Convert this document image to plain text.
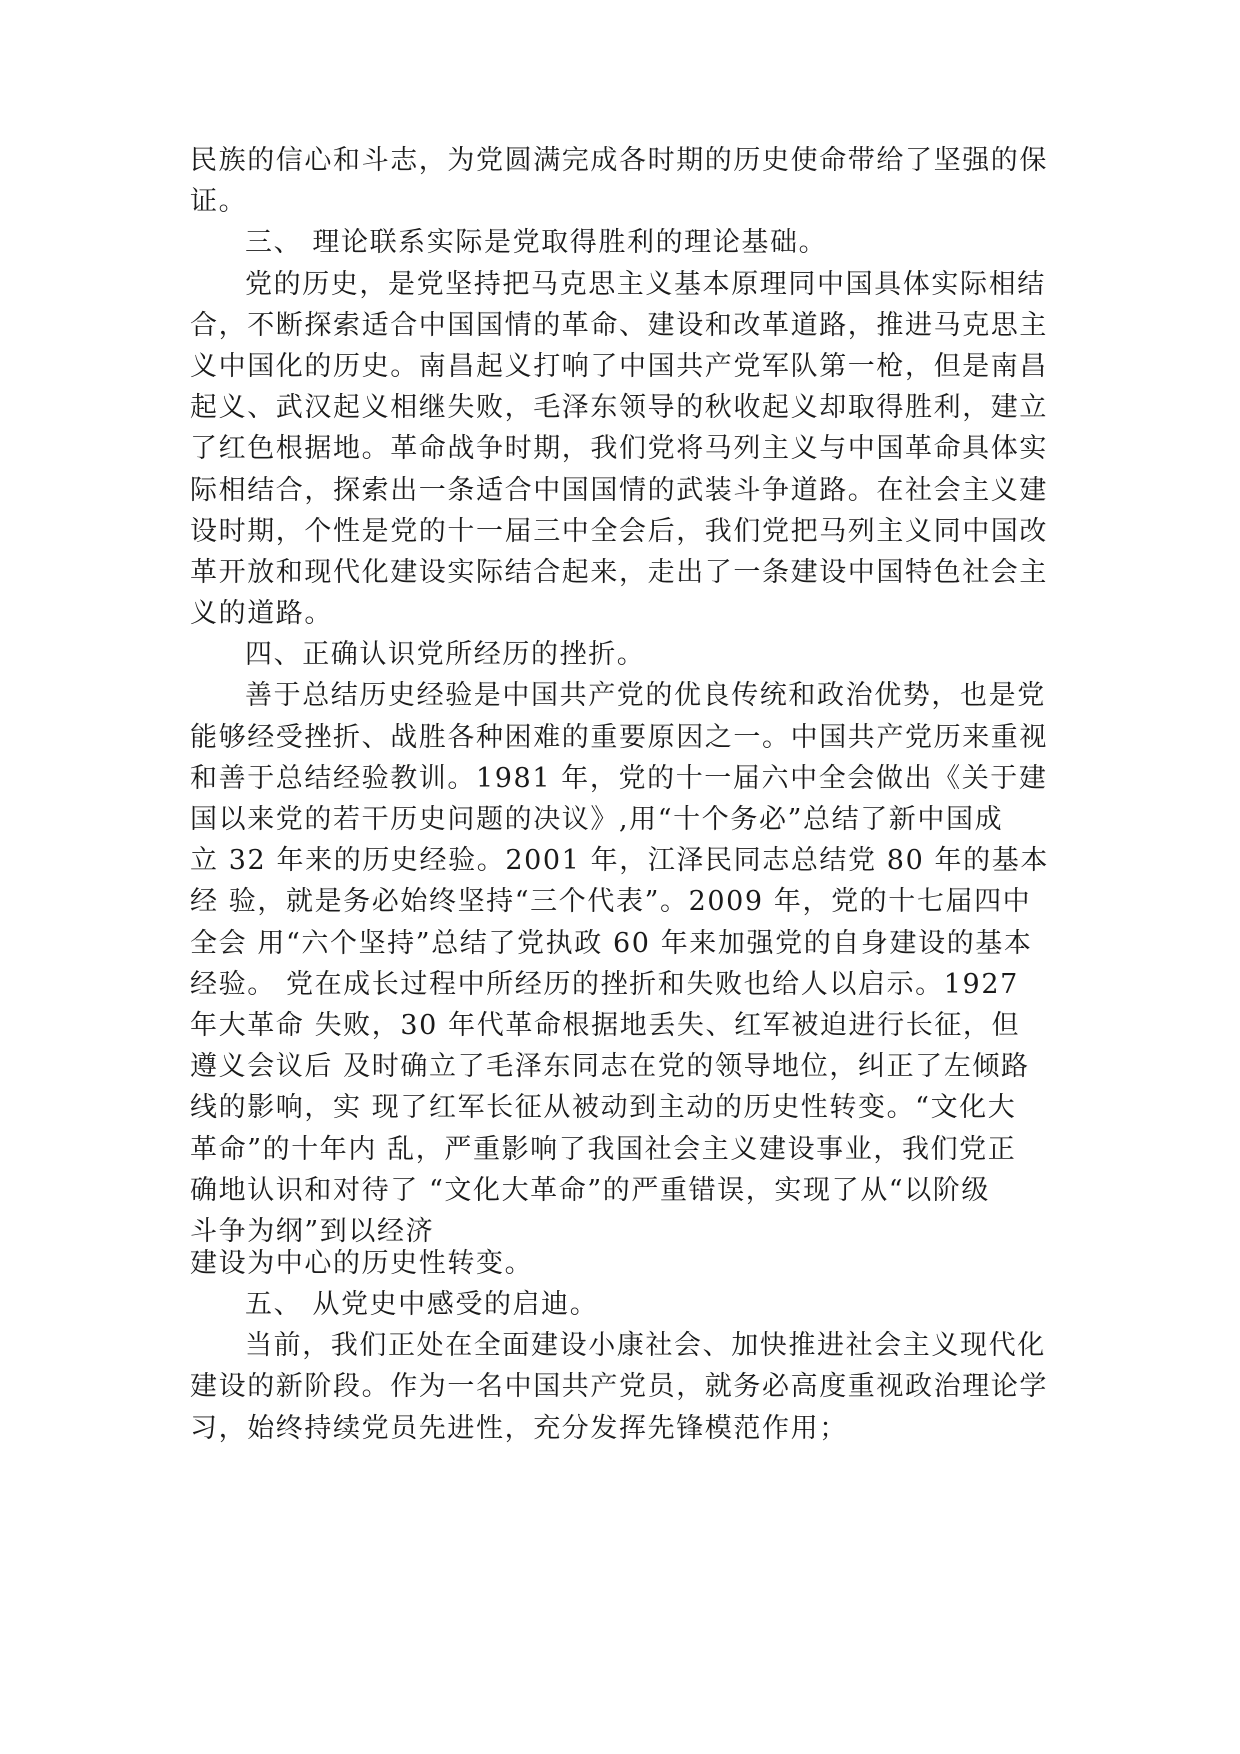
民族的信心和斗志，为党圆满完成各时期的历史使命带给了坚强的保
证。
三、 理论联系实际是党取得胜利的理论基础。
党的历史，是党坚持把马克思主义基本原理同中国具体实际相结
合，不断探索适合中国国情的革命、建设和改革道路，推进马克思主
义中国化的历史。南昌起义打响了中国共产党军队第一枪，但是南昌
起义、武汉起义相继失败，毛泽东领导的秋收起义却取得胜利，建立
了红色根据地。革命战争时期，我们党将马列主义与中国革命具体实
际相结合，探索出一条适合中国国情的武装斗争道路。在社会主义建
设时期，个性是党的十一届三中全会后，我们党把马列主义同中国改
革开放和现代化建设实际结合起来，走出了一条建设中国特色社会主
义的道路。
四、正确认识党所经历的挫折。
善于总结历史经验是中国共产党的优良传统和政治优势，也是党
能够经受挫折、战胜各种困难的重要原因之一。中国共产党历来重视
和善于总结经验教训。1981 年，党的十一届六中全会做出《关于建
国以来党的若干历史问题的决议》,用“十个务必”总结了新中国成
立 32 年来的历史经验。2001 年，江泽民同志总结党 80 年的基本
经 验，就是务必始终坚持“三个代表”。2009 年，党的十七届四中
全会 用“六个坚持”总结了党执政 60 年来加强党的自身建设的基本
经验。 党在成长过程中所经历的挫折和失败也给人以启示。1927
年大革命 失败，30 年代革命根据地丢失、红军被迫进行长征，但
遵义会议后 及时确立了毛泽东同志在党的领导地位，纠正了左倾路
线的影响，实 现了红军长征从被动到主动的历史性转变。“文化大
革命”的十年内 乱，严重影响了我国社会主义建设事业，我们党正
确地认识和对待了 “文化大革命”的严重错误，实现了从“以阶级
斗争为纲”到以经济
建设为中心的历史性转变。
五、 从党史中感受的启迪。
当前，我们正处在全面建设小康社会、加快推进社会主义现代化
建设的新阶段。作为一名中国共产党员，就务必高度重视政治理论学
习，始终持续党员先进性，充分发挥先锋模范作用；
